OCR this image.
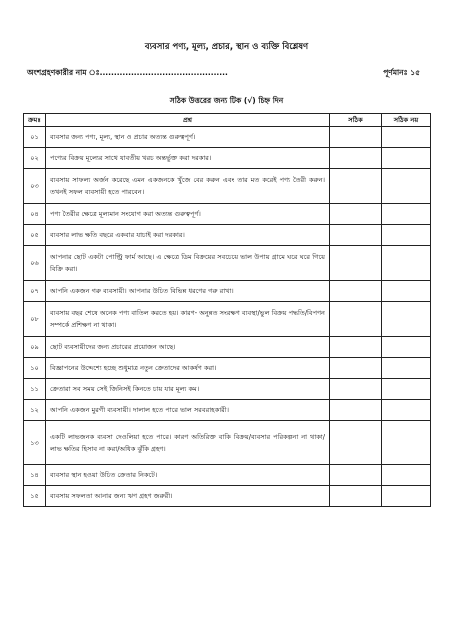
ব্যবসার পণ্য, মূল্য, প্রচার, স্থান ও ব্যক্তি বিশ্লেষণ
অংশগ্রহণকারীর নাম ঃ.............................................	পূর্ণমানঃ ১৫
সঠিক উত্তরের জন্য টিক (√) চিহ্ন দিন
ক্রমঃ	প্রশ্ন	সঠিক	সঠিক নয়
০১	ব্যবসার জন্য পণ্য, মূল্য, স্থান ও প্রচার অত্যন্ত গুরুত্বপূর্ণ।		
০২	পণ্যের বিক্রয় মূল্যের সাথে যাবতীয় খরচ অন্তর্ভুক্ত করা দরকার।		
০৩	ব্যবসায় সাফল্য অর্জন করেছে এমন একজনকে খুঁজে বের করুন এবং তার মত করেই পণ্য তৈরী করুন। তখনই সফল ব্যবসায়ী হতে পারবেন।		
০৪	পণ্য তৈরীর ক্ষেত্রে মূল্যমান সংযোগ করা অত্যন্ত গুরুত্বপূর্ণ।		
০৫	ব্যবসার লাভ ক্ষতি বছরে একবার যাচাই করা দরকার।		
০৬	আপনার ছোট একটা পোল্ট্রি ফার্ম আছে। এ ক্ষেত্রে ডিম বিক্রয়ের সবচেয়ে ভাল উপায় গ্রামে ঘরে ঘরে গিয়ে বিক্রি করা।		
০৭	আপনি একজন গরু ব্যবসায়ী। আপনার উচিত বিভিন্ন ধরণের গরু রাখা।		
০৮	ব্যবসায় বছর শেষে অনেক পণ্য বাতিল করতে হয়। কারণ- অনুন্নত সংরক্ষণ ব্যবস্থা/ভুল বিক্রয় পদ্ধতি/বিপণন সম্পর্কে প্রশিক্ষণ না থাকা।		
০৯	ছোট ব্যবসায়ীদের জন্য প্রচারের প্রয়োজন আছে।		
১০	বিজ্ঞাপনের উদ্দেশ্যে হচ্ছে শুধুমাত্র নতুন ক্রেতাদের আকর্ষণ করা।		
১১	ক্রেতারা সব সময় সেই জিনিসই কিনতে চায় যার মূল্য কম।		
১২	আপনি একজন মুরগী ব্যবসায়ী। দালাল হতে পারে ভাল সরবরাহকারী।		
১৩	একটি লাভজনক ব্যবসা দেওলিয়া হতে পারে। কারণ অতিরিক্ত বাকি বিক্রয়/ব্যবসার পরিকল্পনা না থাকা/লাভ ক্ষতির হিসাব না করা/অধিক ঝুঁকি গ্রহণ।		
১৪	ব্যবসার স্থান হওয়া উচিত ক্রেতার নিকটে।		
১৫	ব্যবসায় সফলতা আনার জন্য ঋণ গ্রহণ জরুরী।		
